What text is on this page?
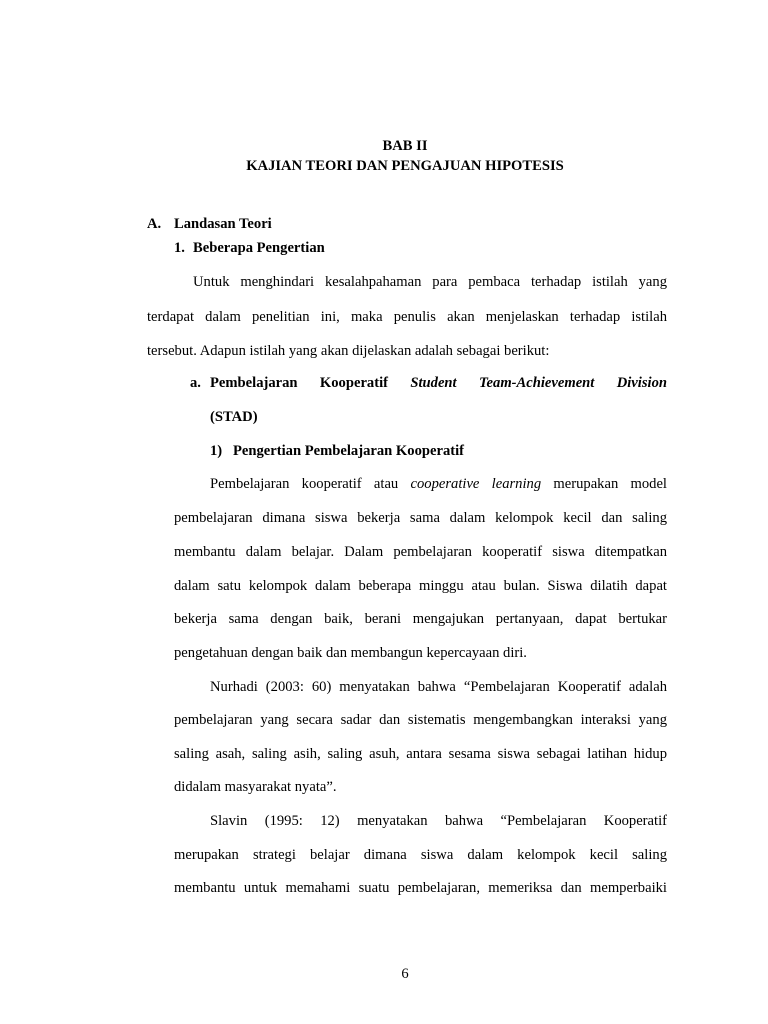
BAB II
KAJIAN TEORI DAN PENGAJUAN HIPOTESIS
A. Landasan Teori
1. Beberapa Pengertian
Untuk menghindari kesalahpahaman para pembaca terhadap istilah yang
terdapat dalam penelitian ini, maka penulis akan menjelaskan terhadap istilah
tersebut. Adapun istilah yang akan dijelaskan adalah sebagai berikut:
a. Pembelajaran Kooperatif Student Team-Achievement Division
(STAD)
1) Pengertian Pembelajaran Kooperatif
Pembelajaran kooperatif atau cooperative learning merupakan model
pembelajaran dimana siswa bekerja sama dalam kelompok kecil dan saling
membantu dalam belajar. Dalam pembelajaran kooperatif siswa ditempatkan
dalam satu kelompok dalam beberapa minggu atau bulan. Siswa dilatih dapat
bekerja sama dengan baik, berani mengajukan pertanyaan, dapat bertukar
pengetahuan dengan baik dan membangun kepercayaan diri.
Nurhadi (2003: 60) menyatakan bahwa “Pembelajaran Kooperatif adalah
pembelajaran yang secara sadar dan sistematis mengembangkan interaksi yang
saling asah, saling asih, saling asuh, antara sesama siswa sebagai latihan hidup
didalam masyarakat nyata”.
Slavin (1995: 12) menyatakan bahwa “Pembelajaran Kooperatif
merupakan strategi belajar dimana siswa dalam kelompok kecil saling
membantu untuk memahami suatu pembelajaran, memeriksa dan memperbaiki
6
